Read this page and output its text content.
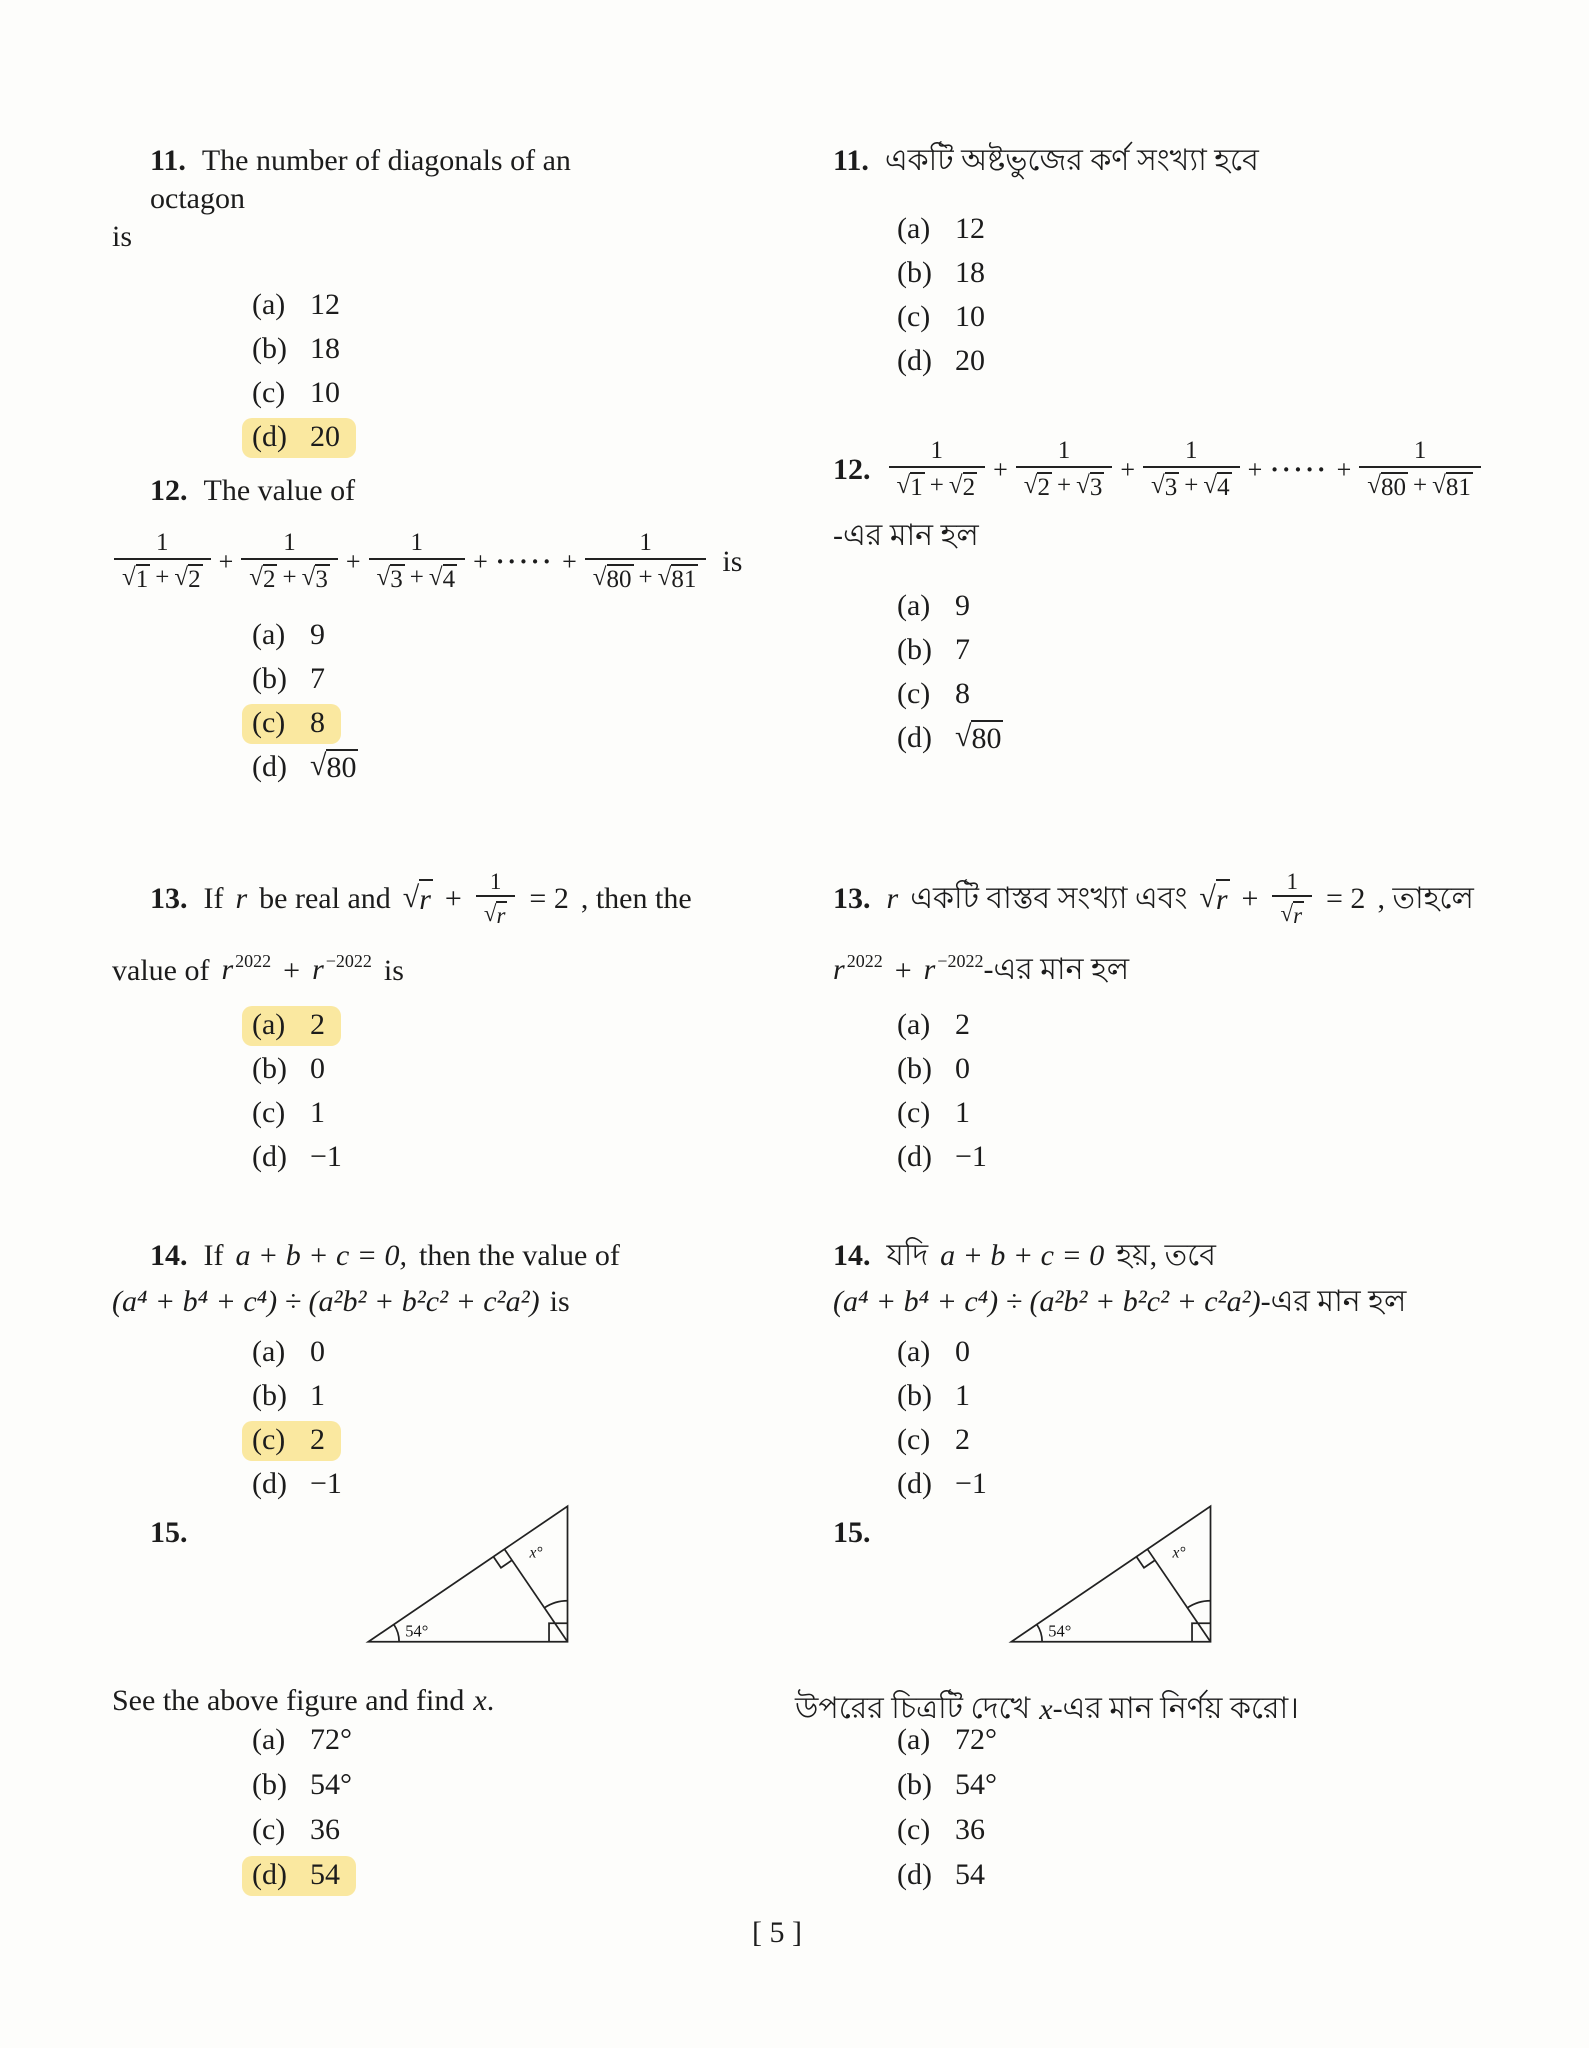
11. The number of diagonals of an octagon
is
(a) 12
(b) 18
(c) 10
(d) 20
11. একটি অষ্টভুজের কর্ণ সংখ্যা হবে
(a) 12
(b) 18
(c) 10
(d) 20
12. The value of
$\frac{1}{√ 1 + √ 2} + \frac{1}{√ 2 + √ 3} + \frac{1}{√ 3 + √ 4}$ + ····· + $\frac{1}{√ 80 + √ 81}$ is
(a) 9
(b) 7
(c) 8
(d) √ 80
12. $\frac{1}{√ 1 + √ 2} + \frac{1}{√ 2 + √ 3} + \frac{1}{√ 3 + √ 4}$ + ····· + $\frac{1}{√ 80 + √ 81}$
-এর মান হল
(a) 9
(b) 7
(c) 8
(d) √ 80
13. If r be real and √ $r + \frac{1}{√ r} = 2$ , then the
value of r 2022 + r −2022 is
(a) 2
(b) 0
(c) 1
(d) −1
13. r একটি বাস্তব সংখ্যা এবং √ $r + \frac{1}{√ r} = 2$ , তাহলে
r 2022 + r −2022 -এর মান হল
(a) 2
(b) 0
(c) 1
(d) −1
14. If a + b + c = 0, then the value of
(a⁴ + b⁴ + c⁴) ÷ (a²b² + b²c² + c²a²) is
(a) 0
(b) 1
(c) 2
(d) −1
14. যদি a + b + c = 0 হয়, তবে
(a⁴ + b⁴ + c⁴) ÷ (a²b² + b²c² + c²a²) -এর মান হল
(a) 0
(b) 1
(c) 2
(d) −1
15.
54°
x°
See the above figure and find x .
(a) 72°
(b) 54°
(c) 36
(d) 54
15.
54°
x°
উপরের চিত্রটি দেখে x -এর মান নির্ণয় করো।
(a) 72°
(b) 54°
(c) 36
(d) 54
[ 5 ]
